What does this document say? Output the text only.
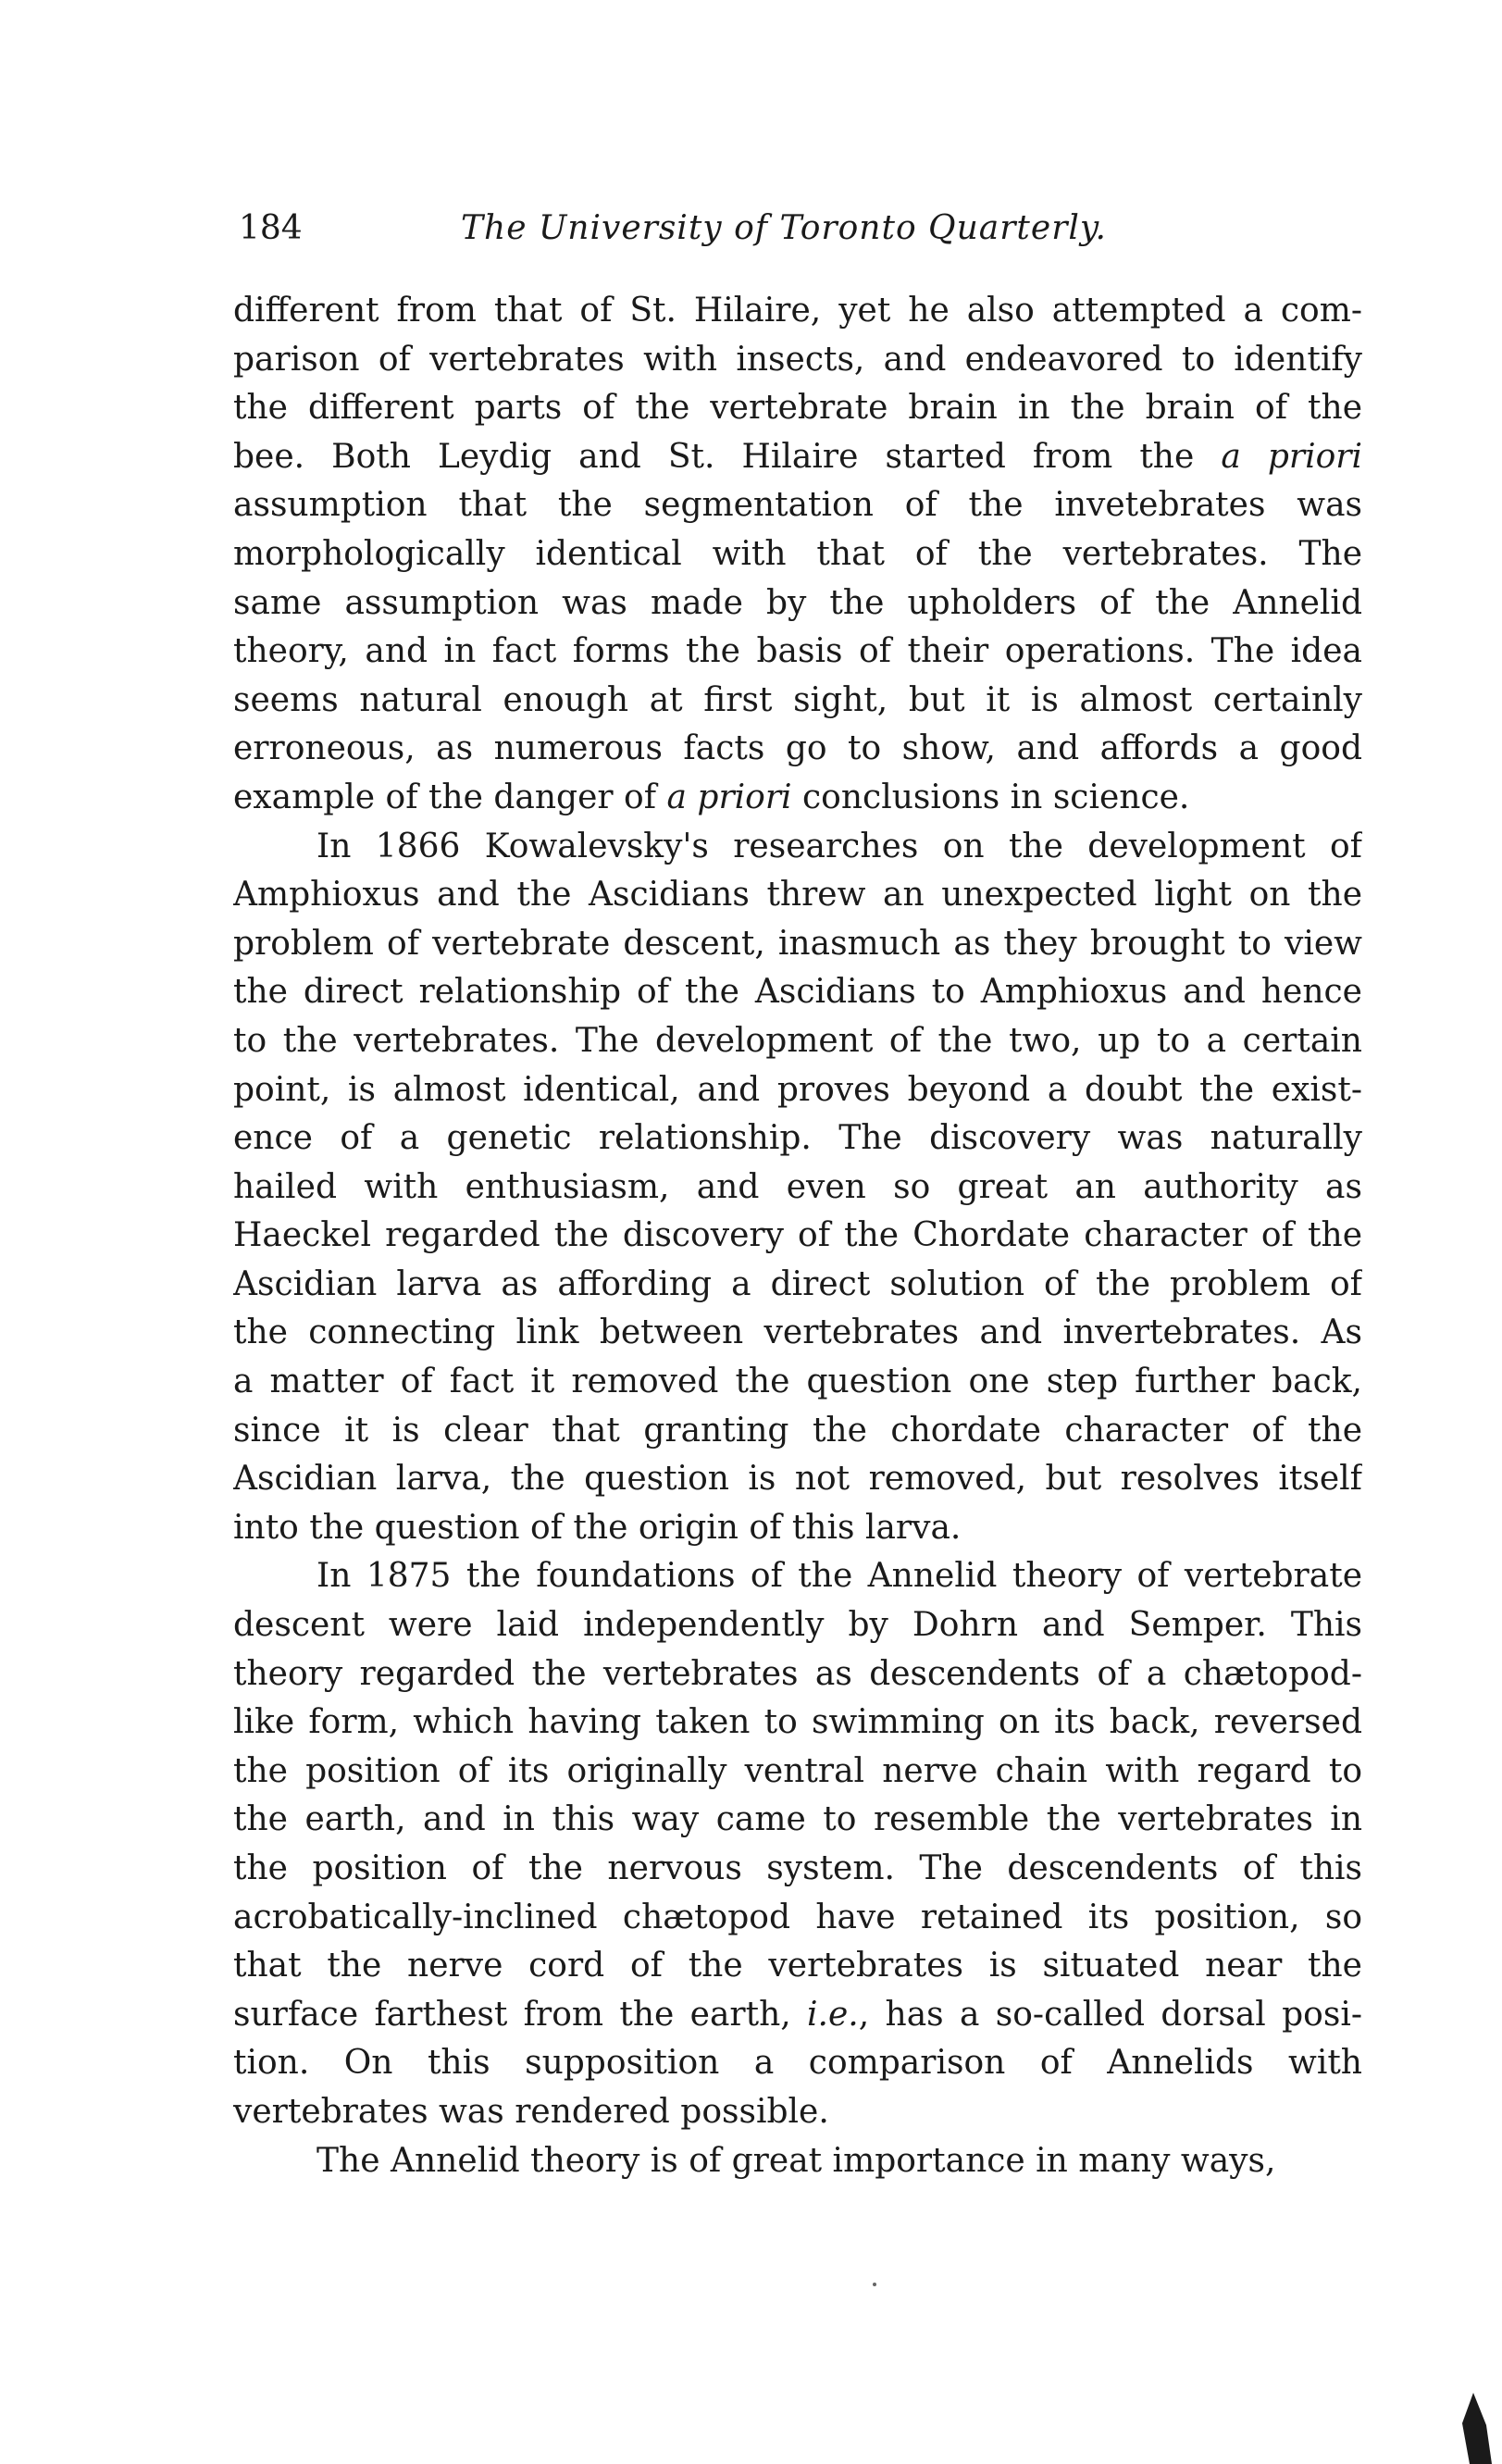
184	The University of Toronto Quarterly.
different from that of St. Hilaire, yet he also attempted a com-
parison of vertebrates with insects, and endeavored to identify
the different parts of the vertebrate brain in the brain of the
bee. Both Leydig and St. Hilaire started from the a priori
assumption that the segmentation of the invetebrates was
morphologically identical with that of the vertebrates. The
same assumption was made by the upholders of the Annelid
theory, and in fact forms the basis of their operations. The idea
seems natural enough at first sight, but it is almost certainly
erroneous, as numerous facts go to show, and affords a good
example of the danger of a priori conclusions in science.
In 1866 Kowalevsky's researches on the development of
Amphioxus and the Ascidians threw an unexpected light on the
problem of vertebrate descent, inasmuch as they brought to view
the direct relationship of the Ascidians to Amphioxus and hence
to the vertebrates. The development of the two, up to a certain
point, is almost identical, and proves beyond a doubt the exist-
ence of a genetic relationship. The discovery was naturally
hailed with enthusiasm, and even so great an authority as
Haeckel regarded the discovery of the Chordate character of the
Ascidian larva as affording a direct solution of the problem of
the connecting link between vertebrates and invertebrates. As
a matter of fact it removed the question one step further back,
since it is clear that granting the chordate character of the
Ascidian larva, the question is not removed, but resolves itself
into the question of the origin of this larva.
In 1875 the foundations of the Annelid theory of vertebrate
descent were laid independently by Dohrn and Semper. This
theory regarded the vertebrates as descendents of a chætopod-
like form, which having taken to swimming on its back, reversed
the position of its originally ventral nerve chain with regard to
the earth, and in this way came to resemble the vertebrates in
the position of the nervous system. The descendents of this
acrobatically-inclined chætopod have retained its position, so
that the nerve cord of the vertebrates is situated near the
surface farthest from the earth, i.e., has a so-called dorsal posi-
tion. On this supposition a comparison of Annelids with
vertebrates was rendered possible.
The Annelid theory is of great importance in many ways,
